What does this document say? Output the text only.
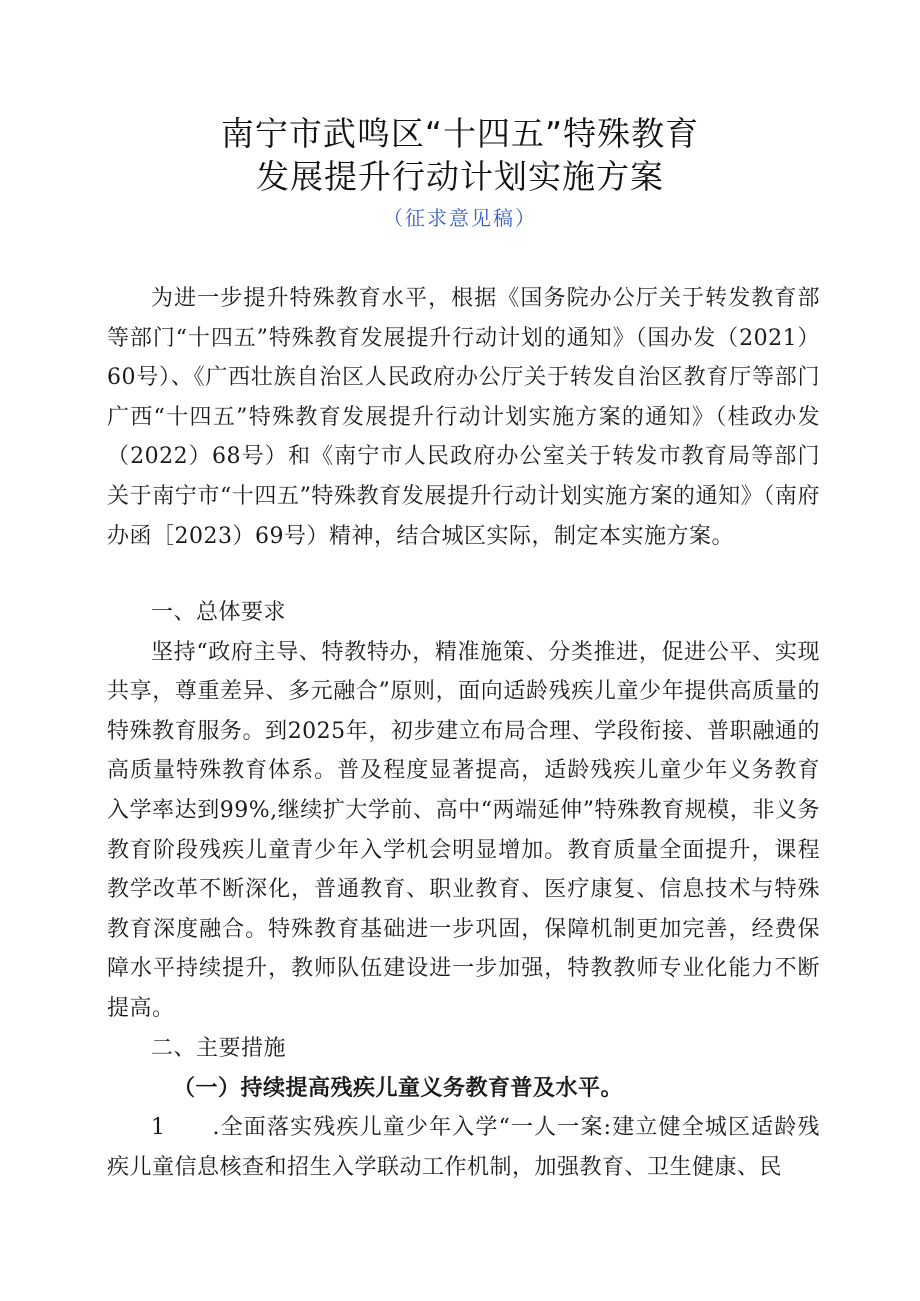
南宁市武鸣区“十四五”特殊教育
发展提升行动计划实施方案
（征求意见稿）

为进一步提升特殊教育水平，根据《国务院办公厅关于转发教育部等部门“十四五”特殊教育发展提升行动计划的通知》（国办发（2021）60号）、《广西壮族自治区人民政府办公厅关于转发自治区教育厅等部门广西“十四五”特殊教育发展提升行动计划实施方案的通知》（桂政办发（2022）68号）和《南宁市人民政府办公室关于转发市教育局等部门关于南宁市“十四五”特殊教育发展提升行动计划实施方案的通知》（南府办函［2023）69号）精神，结合城区实际，制定本实施方案。

一、总体要求

坚持“政府主导、特教特办，精准施策、分类推进，促进公平、实现共享，尊重差异、多元融合”原则，面向适龄残疾儿童少年提供高质量的特殊教育服务。到2025年，初步建立布局合理、学段衔接、普职融通的高质量特殊教育体系。普及程度显著提高，适龄残疾儿童少年义务教育入学率达到99%,继续扩大学前、高中“两端延伸”特殊教育规模，非义务教育阶段残疾儿童青少年入学机会明显增加。教育质量全面提升，课程教学改革不断深化，普通教育、职业教育、医疗康复、信息技术与特殊教育深度融合。特殊教育基础进一步巩固，保障机制更加完善，经费保障水平持续提升，教师队伍建设进一步加强，特教教师专业化能力不断提高。

二、主要措施

（一）持续提高残疾儿童义务教育普及水平。

1　　.全面落实残疾儿童少年入学“一人一案:建立健全城区适龄残疾儿童信息核查和招生入学联动工作机制，加强教育、卫生健康、民
